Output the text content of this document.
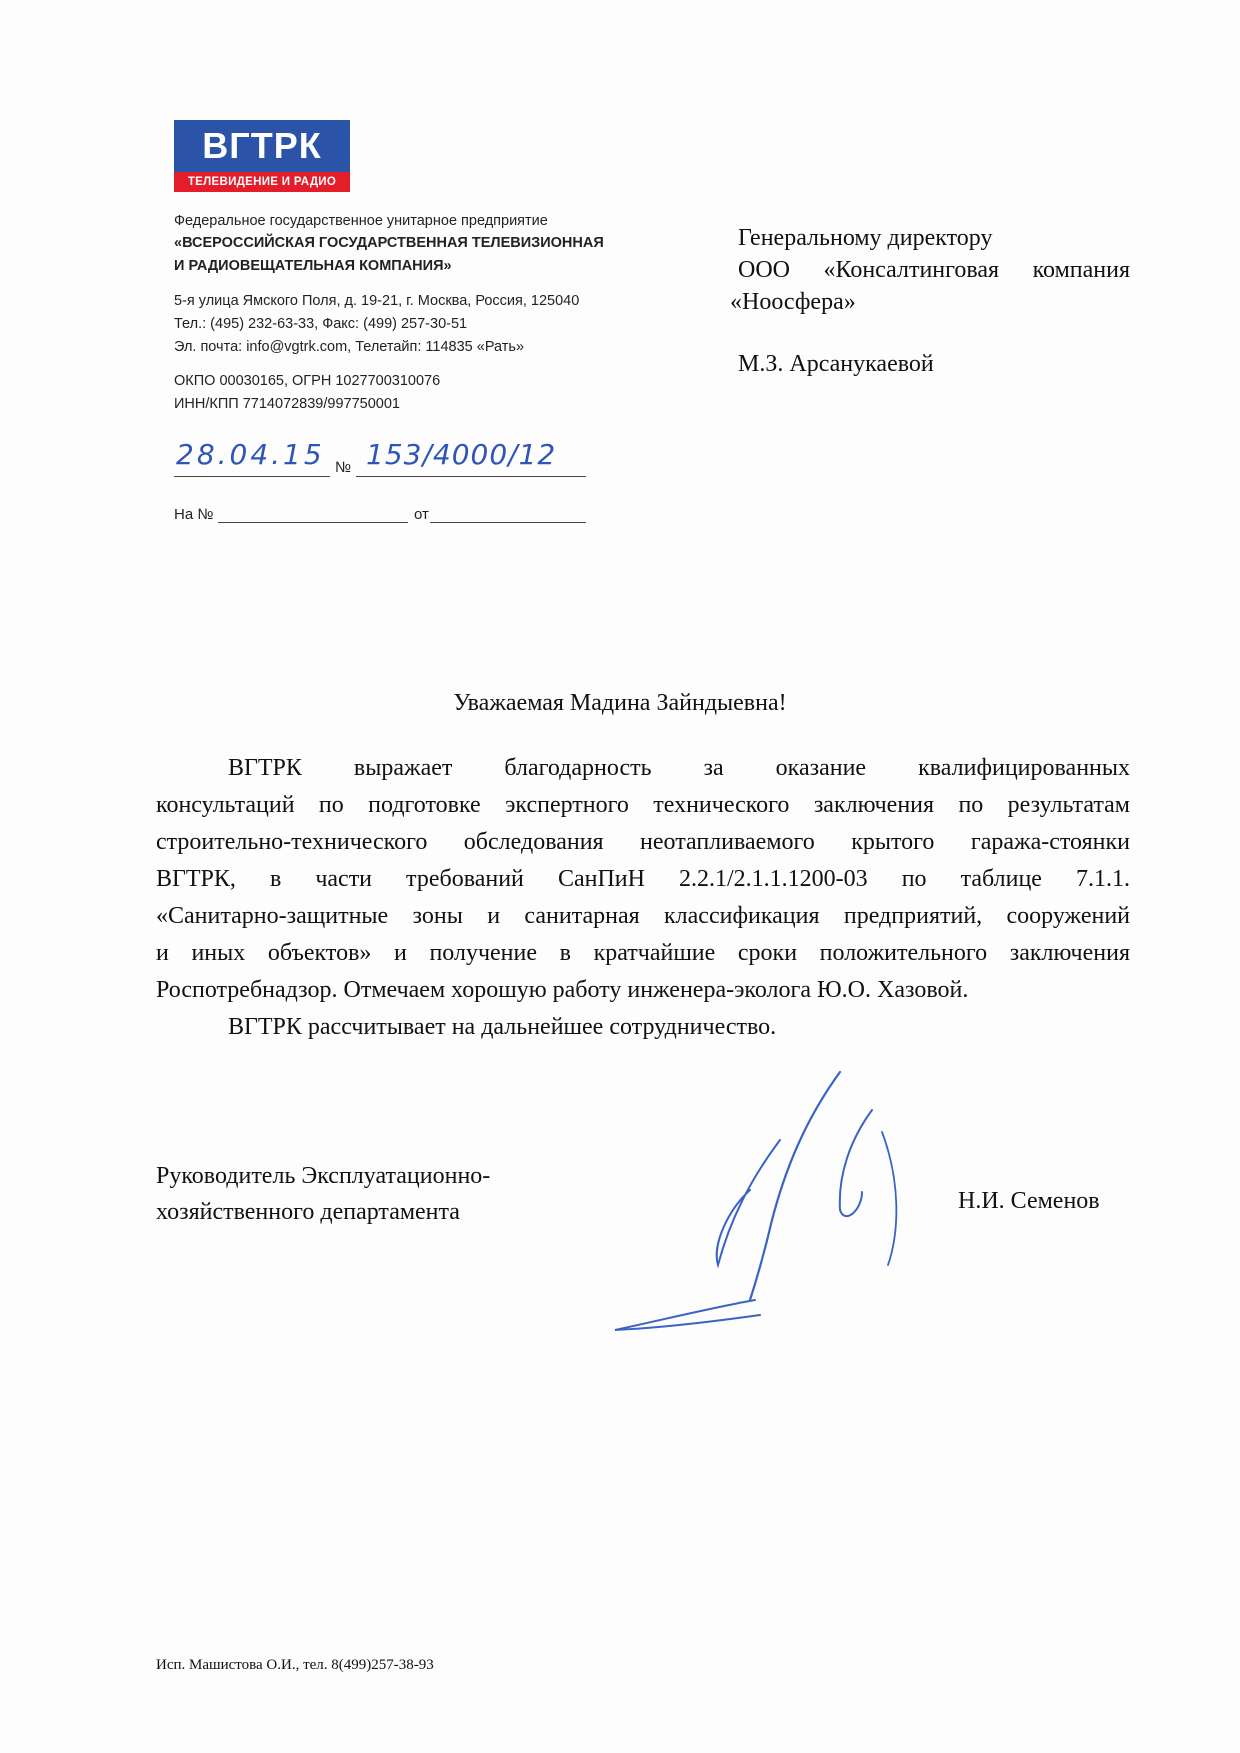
ВГТРК
ТЕЛЕВИДЕНИЕ И РАДИО
Федеральное государственное унитарное предприятие
«ВСЕРОССИЙСКАЯ ГОСУДАРСТВЕННАЯ ТЕЛЕВИЗИОННАЯ
И РАДИОВЕЩАТЕЛЬНАЯ КОМПАНИЯ»
5-я улица Ямского Поля, д. 19-21, г. Москва, Россия, 125040
Тел.: (495) 232-63-33, Факс: (499) 257-30-51
Эл. почта: info@vgtrk.com, Телетайп: 114835 «Рать»
ОКПО 00030165, ОГРН 1027700310076
ИНН/КПП 7714072839/997750001
28.04.15 № 153/4000/12
На №	от
Генеральному директору
ООО «Консалтинговая компания
«Ноосфера»
М.З. Арсанукаевой
Уважаемая Мадина Зайндыевна!
ВГТРК выражает благодарность за оказание квалифицированных
консультаций по подготовке экспертного технического заключения по результатам
строительно-технического обследования неотапливаемого крытого гаража-стоянки
ВГТРК, в части требований СанПиН 2.2.1/2.1.1.1200-03 по таблице 7.1.1.
«Санитарно-защитные зоны и санитарная классификация предприятий, сооружений
и иных объектов» и получение в кратчайшие сроки положительного заключения
Роспотребнадзор. Отмечаем хорошую работу инженера-эколога Ю.О. Хазовой.
ВГТРК рассчитывает на дальнейшее сотрудничество.
Руководитель Эксплуатационно-
хозяйственного департамента	Н.И. Семенов
Исп. Машистова О.И., тел. 8(499)257-38-93
